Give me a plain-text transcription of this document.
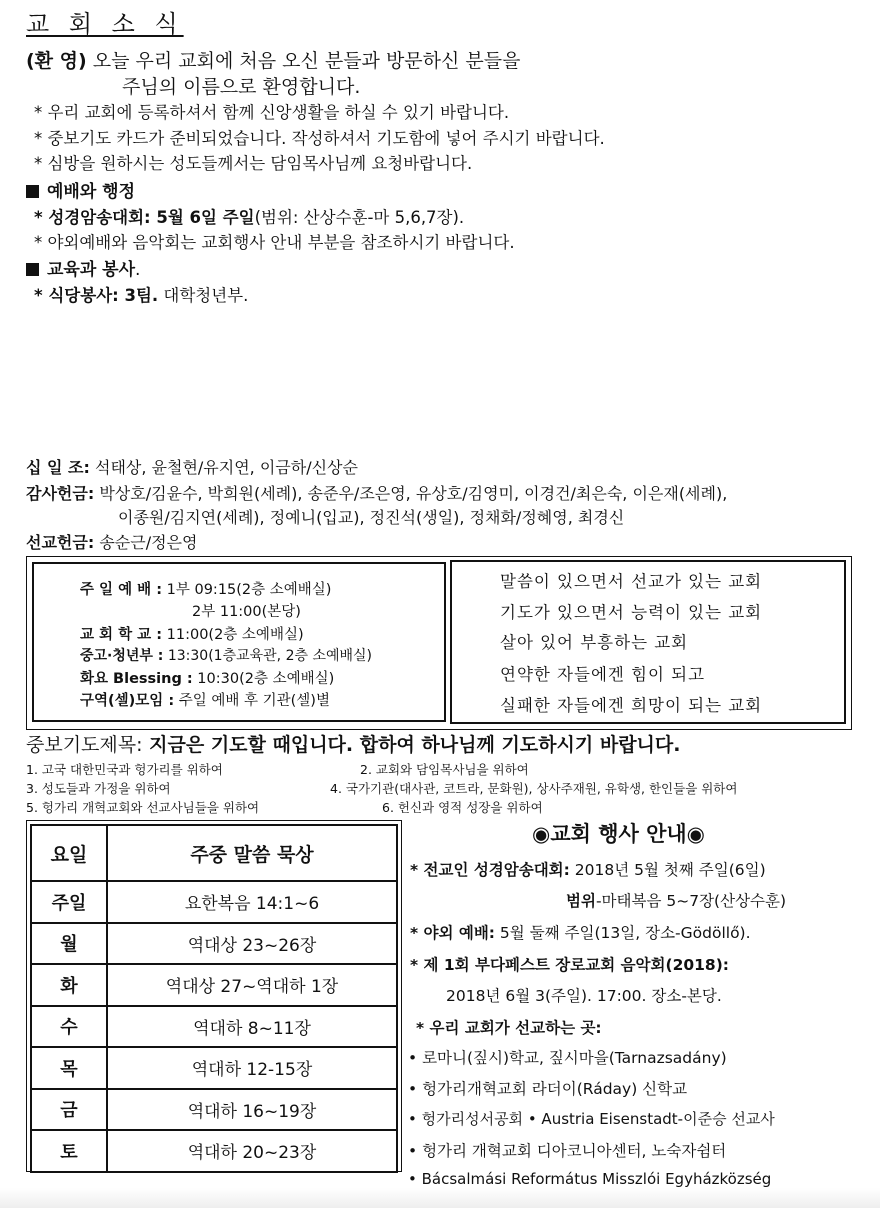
교 회 소 식
(환 영) 오늘 우리 교회에 처음 오신 분들과 방문하신 분들을
주님의 이름으로 환영합니다.
* 우리 교회에 등록하셔서 함께 신앙생활을 하실 수 있기 바랍니다.
* 중보기도 카드가 준비되었습니다. 작성하셔서 기도함에 넣어 주시기 바랍니다.
* 심방을 원하시는 성도들께서는 담임목사님께 요청바랍니다.
예배와 행정
* 성경암송대회: 5월 6일 주일(범위: 산상수훈-마 5,6,7장).
* 야외예배와 음악회는 교회행사 안내 부분을 참조하시기 바랍니다.
교육과 봉사.
* 식당봉사: 3팀. 대학청년부.
십 일 조: 석태상, 윤철현/유지연, 이금하/신상순
감사헌금: 박상호/김윤수, 박희원(세례), 송준우/조은영, 유상호/김영미, 이경건/최은숙, 이은재(세례),
이종원/김지연(세례), 정예니(입교), 정진석(생일), 정채화/정혜영, 최경신
선교헌금: 송순근/정은영
주 일 예 배 : 1부 09:15(2층 소예배실)
2부 11:00(본당)
교 회 학 교 : 11:00(2층 소예배실)
중고·청년부 : 13:30(1층교육관, 2층 소예배실)
화요 Blessing : 10:30(2층 소예배실)
구역(셀)모임 : 주일 예배 후 기관(셀)별
말씀이 있으면서 선교가 있는 교회
기도가 있으면서 능력이 있는 교회
살아 있어 부흥하는 교회
연약한 자들에겐 힘이 되고
실패한 자들에겐 희망이 되는 교회
중보기도제목: 지금은 기도할 때입니다. 합하여 하나님께 기도하시기 바랍니다.
1. 고국 대한민국과 헝가리를 위하여	2. 교회와 담임목사님을 위하여
3. 성도들과 가정을 위하여	4. 국가기관(대사관, 코트라, 문화원), 상사주재원, 유학생, 한인들을 위하여
5. 헝가리 개혁교회와 선교사님들을 위하여	6. 헌신과 영적 성장을 위하여
요일	주중 말씀 묵상
주일	요한복음 14:1~6
월	역대상 23~26장
화	역대상 27~역대하 1장
수	역대하 8~11장
목	역대하 12-15장
금	역대하 16~19장
토	역대하 20~23장
◉교회 행사 안내◉
* 전교인 성경암송대회: 2018년 5월 첫째 주일(6일)
범위-마태복음 5~7장(산상수훈)
* 야외 예배: 5월 둘째 주일(13일, 장소-Gödöllő).
* 제 1회 부다페스트 장로교회 음악회(2018):
2018년 6월 3(주일). 17:00. 장소-본당.
* 우리 교회가 선교하는 곳:
• 로마니(짚시)학교, 짚시마을(Tarnazsadány)
• 헝가리개혁교회 라더이(Ráday) 신학교
• 헝가리성서공회 • Austria Eisenstadt-이준승 선교사
• 헝가리 개혁교회 디아코니아센터, 노숙자쉼터
• Bácsalmási Református Misszlói Egyházközség
